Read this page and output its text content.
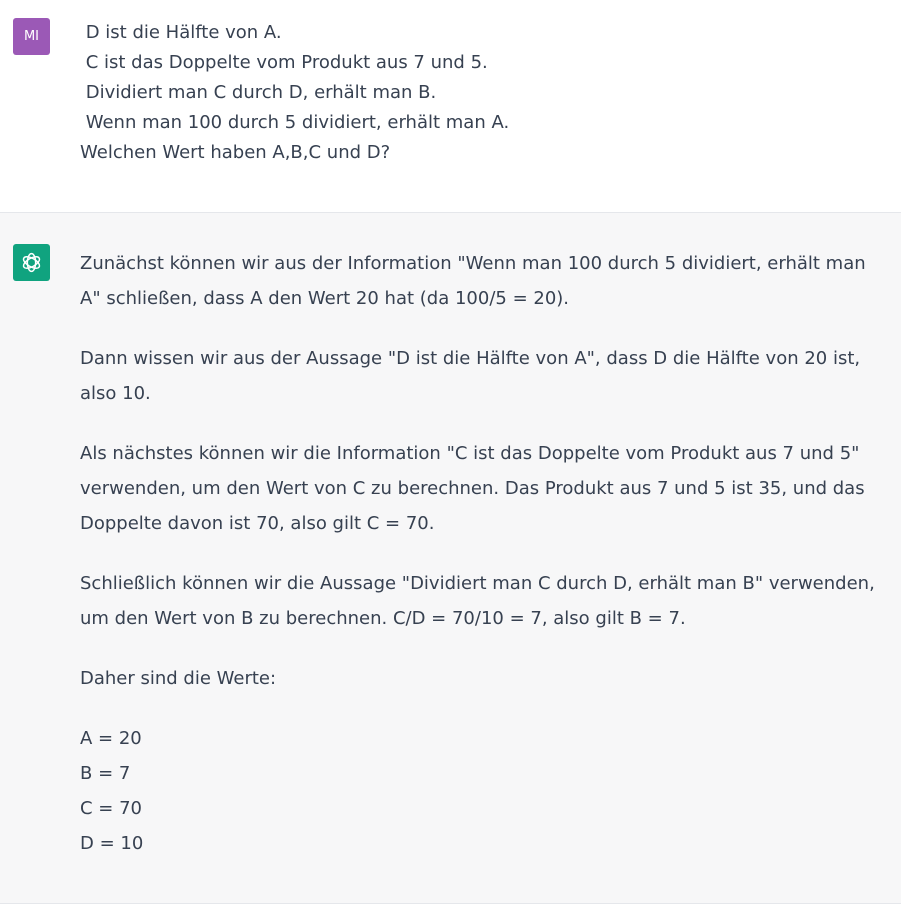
MI	D ist die Hälfte von A.
C ist das Doppelte vom Produkt aus 7 und 5.
Dividiert man C durch D, erhält man B.
Wenn man 100 durch 5 dividiert, erhält man A.
Welchen Wert haben A,B,C und D?

Zunächst können wir aus der Information "Wenn man 100 durch 5 dividiert, erhält man A" schließen, dass A den Wert 20 hat (da 100/5 = 20).

Dann wissen wir aus der Aussage "D ist die Hälfte von A", dass D die Hälfte von 20 ist, also 10.

Als nächstes können wir die Information "C ist das Doppelte vom Produkt aus 7 und 5" verwenden, um den Wert von C zu berechnen. Das Produkt aus 7 und 5 ist 35, und das Doppelte davon ist 70, also gilt C = 70.

Schließlich können wir die Aussage "Dividiert man C durch D, erhält man B" verwenden, um den Wert von B zu berechnen. C/D = 70/10 = 7, also gilt B = 7.

Daher sind die Werte:

A = 20
B = 7
C = 70
D = 10
